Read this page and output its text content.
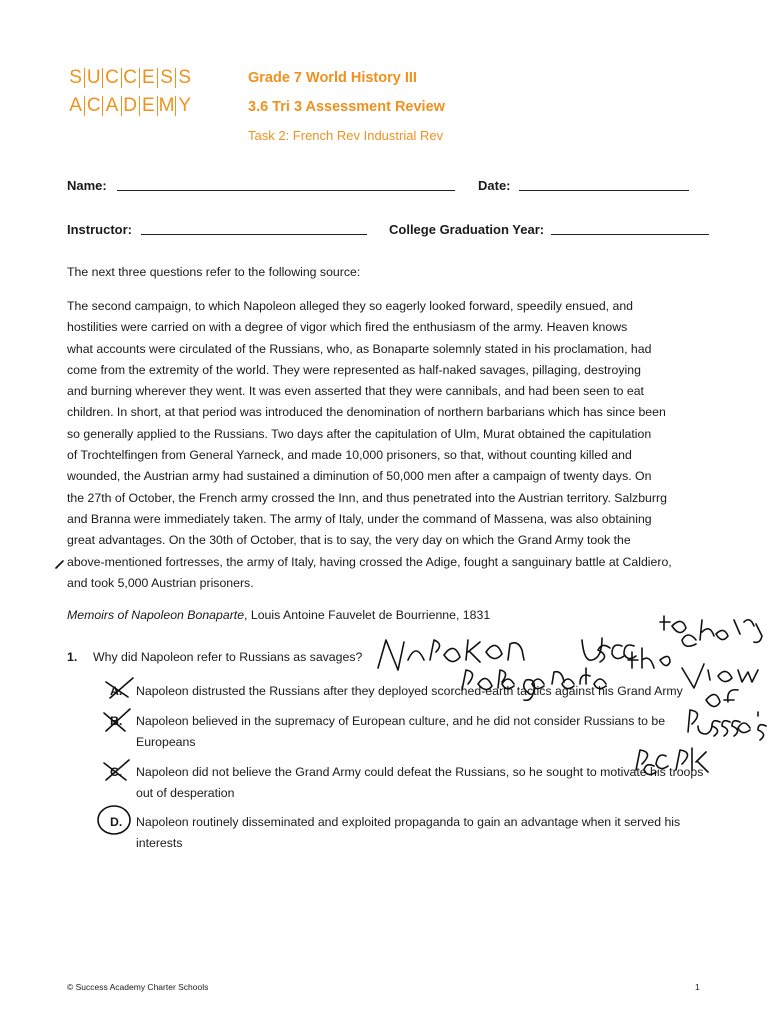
S U C C E S S
A C A D E M Y
Grade 7 World History III
3.6 Tri 3 Assessment Review
Task 2: French Rev Industrial Rev
Name:	Date:
Instructor:	College Graduation Year:
The next three questions refer to the following source:
The second campaign, to which Napoleon alleged they so eagerly looked forward, speedily ensued, and
hostilities were carried on with a degree of vigor which fired the enthusiasm of the army. Heaven knows
what accounts were circulated of the Russians, who, as Bonaparte solemnly stated in his proclamation, had
come from the extremity of the world. They were represented as half-naked savages, pillaging, destroying
and burning wherever they went. It was even asserted that they were cannibals, and had been seen to eat
children. In short, at that period was introduced the denomination of northern barbarians which has since been
so generally applied to the Russians. Two days after the capitulation of Ulm, Murat obtained the capitulation
of Trochtelfingen from General Yarneck, and made 10,000 prisoners, so that, without counting killed and
wounded, the Austrian army had sustained a diminution of 50,000 men after a campaign of twenty days. On
the 27th of October, the French army crossed the Inn, and thus penetrated into the Austrian territory. Salzburrg
and Branna were immediately taken. The army of Italy, under the command of Massena, was also obtaining
great advantages. On the 30th of October, that is to say, the very day on which the Grand Army took the
above-mentioned fortresses, the army of Italy, having crossed the Adige, fought a sanguinary battle at Caldiero,
and took 5,000 Austrian prisoners.
Memoirs of Napoleon Bonaparte, Louis Antoine Fauvelet de Bourrienne, 1831
1. Why did Napoleon refer to Russians as savages?
A. Napoleon distrusted the Russians after they deployed scorched-earth tactics against his Grand Army
B. Napoleon believed in the supremacy of European culture, and he did not consider Russians to be Europeans
C. Napoleon did not believe the Grand Army could defeat the Russians, so he sought to motivate his troops out of desperation
D. Napoleon routinely disseminated and exploited propaganda to gain an advantage when it served his interests
© Success Academy Charter Schools	1
